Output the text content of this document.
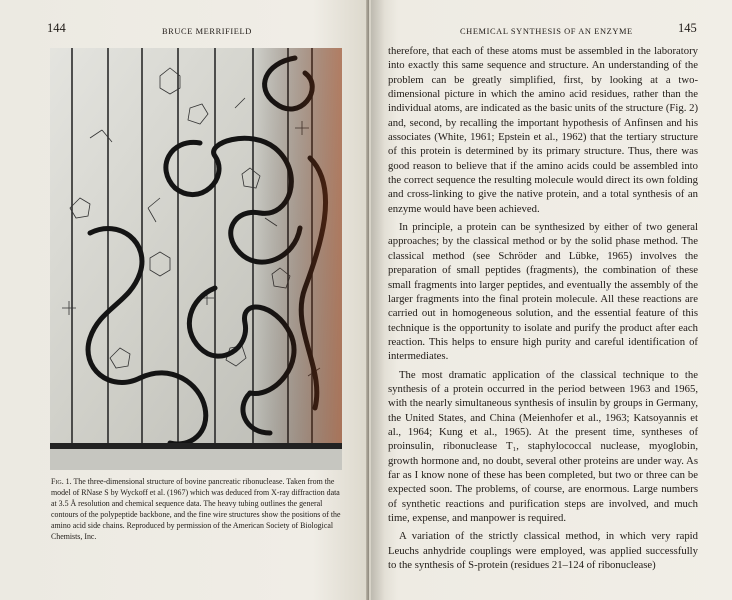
144	BRUCE MERRIFIELD
Fig. 1. The three-dimensional structure of bovine pancreatic ribonuclease. Taken from the model of RNase S by Wyckoff et al. (1967) which was deduced from X-ray diffraction data at 3.5 Å resolution and chemical sequence data. The heavy tubing outlines the general contours of the polypeptide backbone, and the fine wire structures show the positions of the amino acid side chains. Reproduced by permission of the American Society of Biological Chemists, Inc.
CHEMICAL SYNTHESIS OF AN ENZYME	145

therefore, that each of these atoms must be assembled in the laboratory into exactly this same sequence and structure. An understanding of the problem can be greatly simplified, first, by looking at a two-dimensional picture in which the amino acid residues, rather than the individual atoms, are indicated as the basic units of the structure (Fig. 2) and, second, by recalling the important hypothesis of Anfinsen and his associates (White, 1961; Epstein et al., 1962) that the tertiary structure of this protein is determined by its primary structure. Thus, there was good reason to believe that if the amino acids could be assembled into the correct sequence the resulting molecule would direct its own folding and cross-linking to give the native protein, and a total synthesis of an enzyme would have been achieved.

In principle, a protein can be synthesized by either of two general approaches; by the classical method or by the solid phase method. The classical method (see Schröder and Lübke, 1965) involves the preparation of small peptides (fragments), the combination of these small fragments into larger peptides, and eventually the assembly of the larger fragments into the final protein molecule. All these reactions are carried out in homogeneous solution, and the essential feature of this technique is the opportunity to isolate and purify the product after each reaction. This helps to ensure high purity and careful identification of intermediates.

The most dramatic application of the classical technique to the synthesis of a protein occurred in the period between 1963 and 1965, with the nearly simultaneous synthesis of insulin by groups in Germany, the United States, and China (Meienhofer et al., 1963; Katsoyannis et al., 1964; Kung et al., 1965). At the present time, syntheses of proinsulin, ribonuclease T₁, staphylococcal nuclease, myoglobin, growth hormone and, no doubt, several other proteins are under way. As far as I know none of these has been completed, but two or three can be expected soon. The problems, of course, are enormous. Large numbers of synthetic reactions and purification steps are involved, and much time, expense, and manpower is required.

A variation of the strictly classical method, in which very rapid Leuchs anhydride couplings were employed, was applied successfully to the synthesis of S-protein (residues 21–124 of ribonuclease)
